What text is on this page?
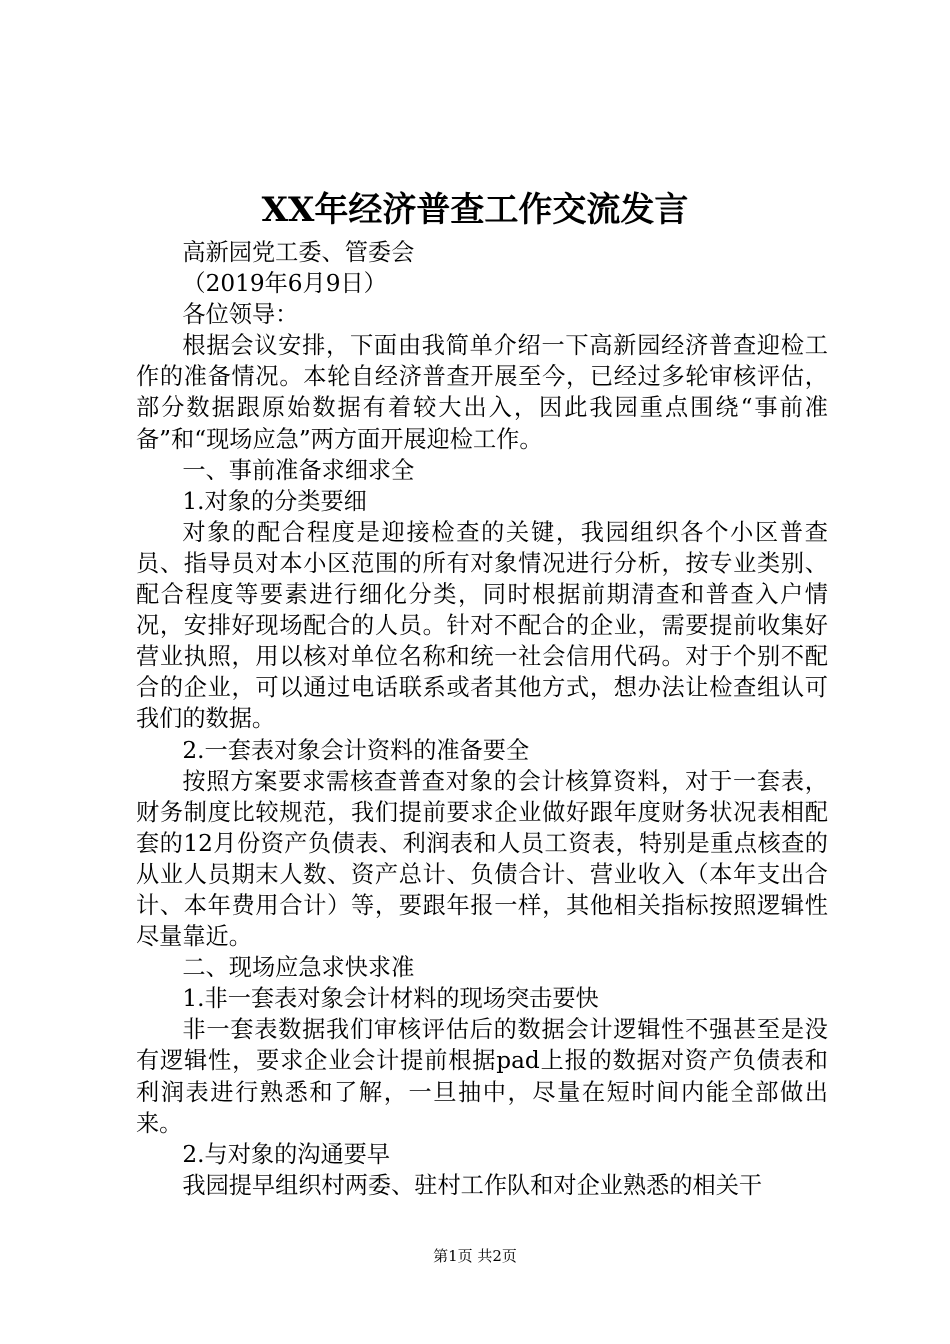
XX年经济普查工作交流发言

高新园党工委、管委会

（2019年6月9日）

各位领导：

根据会议安排，下面由我简单介绍一下高新园经济普查迎检工作的准备情况。本轮自经济普查开展至今，已经过多轮审核评估，部分数据跟原始数据有着较大出入，因此我园重点围绕“事前准备”和“现场应急”两方面开展迎检工作。

一、事前准备求细求全

1.对象的分类要细

对象的配合程度是迎接检查的关键，我园组织各个小区普查员、指导员对本小区范围的所有对象情况进行分析，按专业类别、配合程度等要素进行细化分类，同时根据前期清查和普查入户情况，安排好现场配合的人员。针对不配合的企业，需要提前收集好营业执照，用以核对单位名称和统一社会信用代码。对于个别不配合的企业，可以通过电话联系或者其他方式，想办法让检查组认可我们的数据。

2.一套表对象会计资料的准备要全

按照方案要求需核查普查对象的会计核算资料，对于一套表，财务制度比较规范，我们提前要求企业做好跟年度财务状况表相配套的12月份资产负债表、利润表和人员工资表，特别是重点核查的从业人员期末人数、资产总计、负债合计、营业收入（本年支出合计、本年费用合计）等，要跟年报一样，其他相关指标按照逻辑性尽量靠近。

二、现场应急求快求准

1.非一套表对象会计材料的现场突击要快

非一套表数据我们审核评估后的数据会计逻辑性不强甚至是没有逻辑性，要求企业会计提前根据pad上报的数据对资产负债表和利润表进行熟悉和了解，一旦抽中，尽量在短时间内能全部做出来。

2.与对象的沟通要早

我园提早组织村两委、驻村工作队和对企业熟悉的相关干

第1页 共2页
